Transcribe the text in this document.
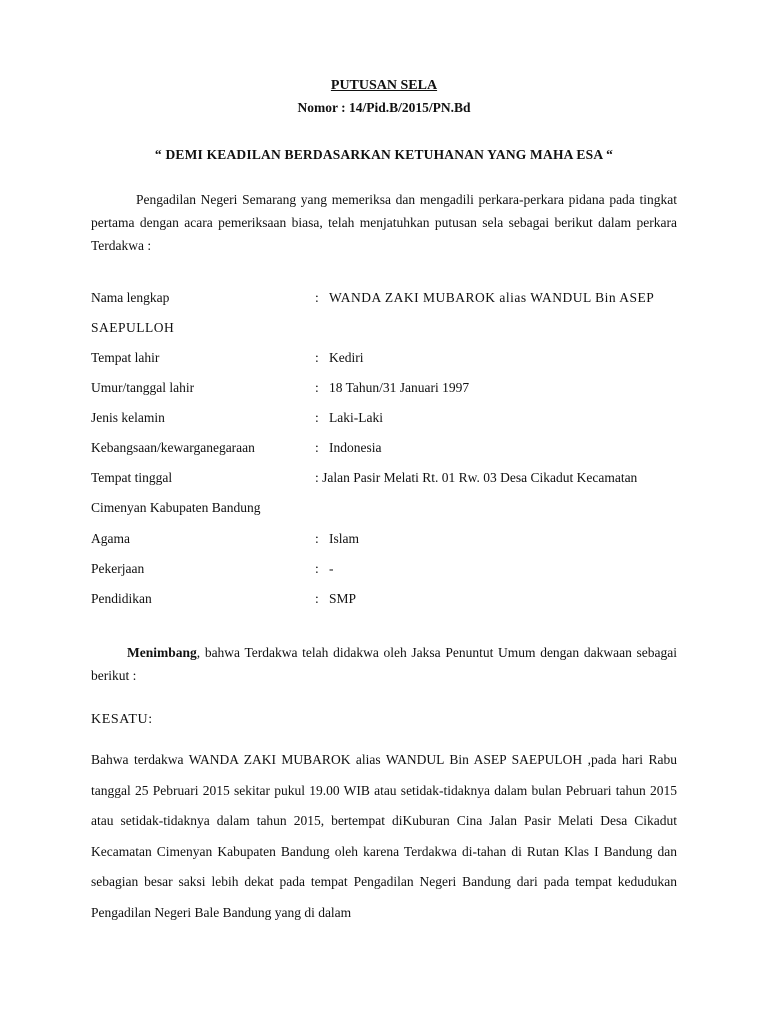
PUTUSAN SELA
Nomor : 14/Pid.B/2015/PN.Bd
“ DEMI KEADILAN BERDASARKAN KETUHANAN YANG MAHA ESA “
Pengadilan Negeri Semarang yang memeriksa dan mengadili perkara-perkara pidana pada tingkat pertama dengan acara pemeriksaan biasa, telah menjatuhkan putusan sela sebagai berikut dalam perkara Terdakwa :
Nama lengkap	: WANDA ZAKI MUBAROK alias WANDUL Bin ASEP
SAEPULLOH
Tempat lahir	: Kediri
Umur/tanggal lahir	: 18 Tahun/31 Januari 1997
Jenis kelamin	: Laki-Laki
Kebangsaan/kewarganegaraan	: Indonesia
Tempat tinggal	: Jalan Pasir Melati Rt. 01 Rw. 03 Desa Cikadut Kecamatan
Cimenyan Kabupaten Bandung
Agama	: Islam
Pekerjaan	: -
Pendidikan	: SMP
Menimbang, bahwa Terdakwa telah didakwa oleh Jaksa Penuntut Umum dengan dakwaan sebagai berikut :
KESATU:
Bahwa terdakwa WANDA ZAKI MUBAROK alias WANDUL Bin ASEP SAEPULOH ,pada hari Rabu tanggal 25 Pebruari 2015 sekitar pukul 19.00 WIB atau setidak-tidaknya dalam bulan Pebruari tahun 2015 atau setidak-tidaknya dalam tahun 2015, bertempat diKuburan Cina Jalan Pasir Melati Desa Cikadut Kecamatan Cimenyan Kabupaten Bandung oleh karena Terdakwa di-tahan di Rutan Klas I Bandung dan sebagian besar saksi lebih dekat pada tempat Pengadilan Negeri Bandung dari pada tempat kedudukan Pengadilan Negeri Bale Bandung yang di dalam
